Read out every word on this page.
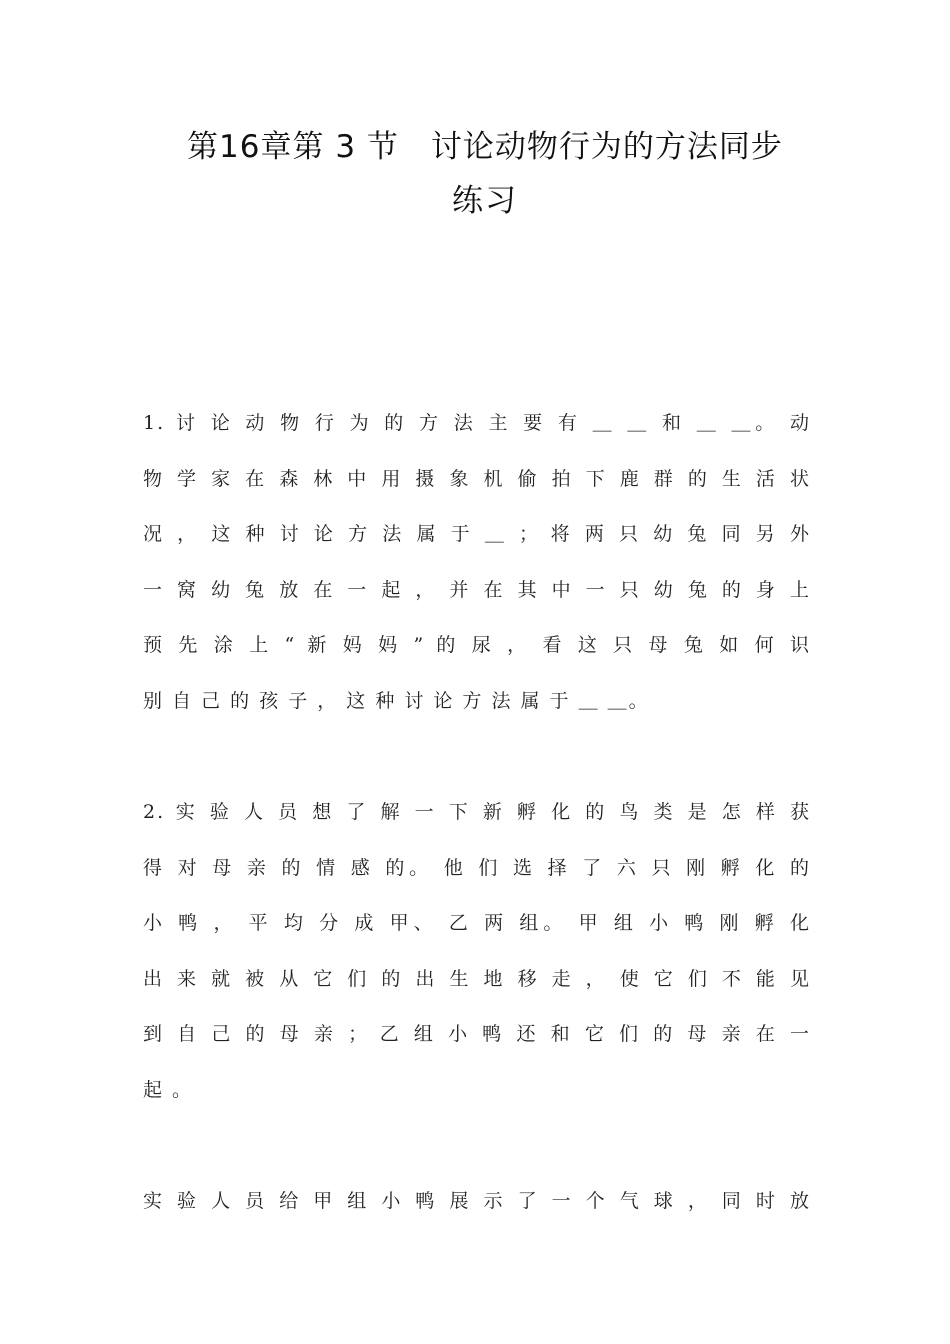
第16章第 3 节　讨论动物行为的方法同步
练习
1. 讨 论 动 物 行 为 的 方 法 主 要 有 ＿ ＿ 和 ＿ ＿。 动
物 学 家 在 森 林 中 用 摄 象 机 偷 拍 下 鹿 群 的 生 活 状
况 ， 这 种 讨 论 方 法 属 于 ＿ ； 将 两 只 幼 兔 同 另 外
一 窝 幼 兔 放 在 一 起 ， 并 在 其 中 一 只 幼 兔 的 身 上
预 先 涂 上 “ 新 妈 妈 ” 的 尿 ， 看 这 只 母 兔 如 何 识
别 自 己 的 孩 子 ， 这 种 讨 论 方 法 属 于 ＿ ＿。
2. 实 验 人 员 想 了 解 一 下 新 孵 化 的 鸟 类 是 怎 样 获
得 对 母 亲 的 情 感 的。 他 们 选 择 了 六 只 刚 孵 化 的
小 鸭 ， 平 均 分 成 甲、 乙 两 组。 甲 组 小 鸭 刚 孵 化
出 来 就 被 从 它 们 的 出 生 地 移 走 ， 使 它 们 不 能 见
到 自 己 的 母 亲 ； 乙 组 小 鸭 还 和 它 们 的 母 亲 在 一
起 。
实 验 人 员 给 甲 组 小 鸭 展 示 了 一 个 气 球 ， 同 时 放
